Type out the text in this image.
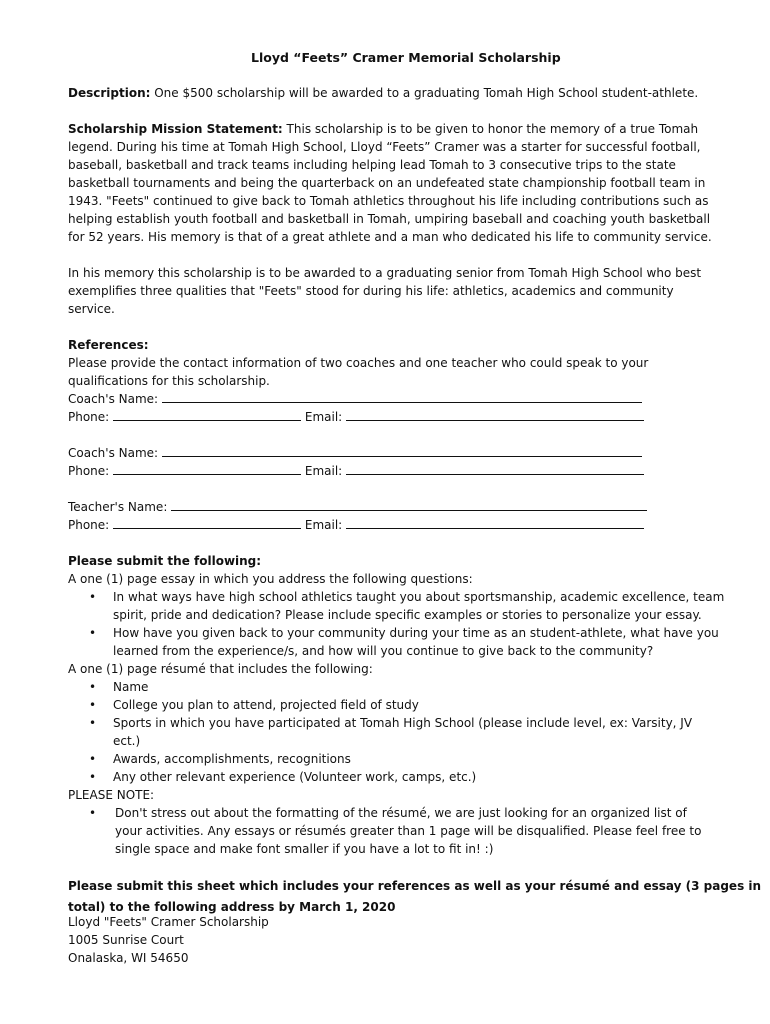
Lloyd “Feets” Cramer Memorial Scholarship
Description: One $500 scholarship will be awarded to a graduating Tomah High School student-athlete.
Scholarship Mission Statement: This scholarship is to be given to honor the memory of a true Tomah
legend. During his time at Tomah High School, Lloyd “Feets” Cramer was a starter for successful football,
baseball, basketball and track teams including helping lead Tomah to 3 consecutive trips to the state
basketball tournaments and being the quarterback on an undefeated state championship football team in
1943. "Feets" continued to give back to Tomah athletics throughout his life including contributions such as
helping establish youth football and basketball in Tomah, umpiring baseball and coaching youth basketball
for 52 years. His memory is that of a great athlete and a man who dedicated his life to community service.
In his memory this scholarship is to be awarded to a graduating senior from Tomah High School who best
exemplifies three qualities that "Feets" stood for during his life: athletics, academics and community
service.
References:
Please provide the contact information of two coaches and one teacher who could speak to your
qualifications for this scholarship.
Coach's Name:
Phone:	Email:
Coach's Name:
Phone:	Email:
Teacher's Name:
Phone:	Email:
Please submit the following:
A one (1) page essay in which you address the following questions:
• In what ways have high school athletics taught you about sportsmanship, academic excellence, team
spirit, pride and dedication? Please include specific examples or stories to personalize your essay.
• How have you given back to your community during your time as an student-athlete, what have you
learned from the experience/s, and how will you continue to give back to the community?
A one (1) page résumé that includes the following:
• Name
• College you plan to attend, projected field of study
• Sports in which you have participated at Tomah High School (please include level, ex: Varsity, JV
ect.)
• Awards, accomplishments, recognitions
• Any other relevant experience (Volunteer work, camps, etc.)
PLEASE NOTE:
• Don't stress out about the formatting of the résumé, we are just looking for an organized list of
your activities. Any essays or résumés greater than 1 page will be disqualified. Please feel free to
single space and make font smaller if you have a lot to fit in! :)
Please submit this sheet which includes your references as well as your résumé and essay (3 pages in
total) to the following address by March 1, 2020
Lloyd "Feets" Cramer Scholarship
1005 Sunrise Court
Onalaska, WI 54650
